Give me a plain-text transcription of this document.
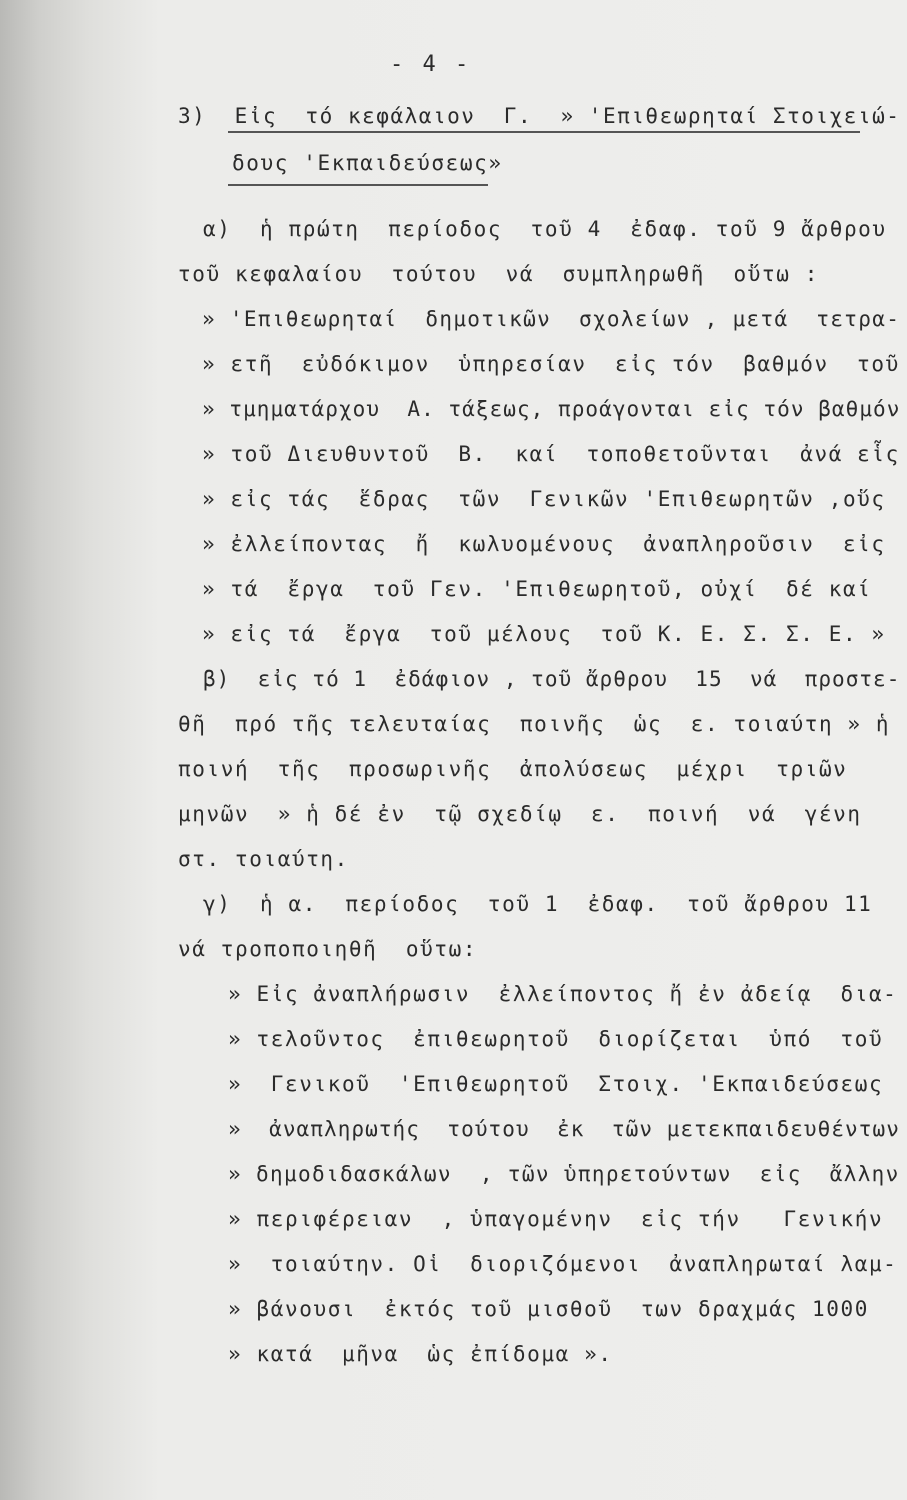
- 4 -
3)  Εἰς  τό κεφάλαιον  Γ.  » 'Επιθεωρηταί Στοιχειώ-
δους 'Εκπαιδεύσεως»
α)  ἡ πρώτη  περίοδος  τοῦ 4  ἐδαφ. τοῦ 9 ἄρθρου
τοῦ κεφαλαίου  τούτου  νά  συμπληρωθῆ  οὕτω :
» 'Επιθεωρηταί  δημοτικῶν  σχολείων , μετά  τετρα-
» ετῆ  εὐδόκιμον  ὑπηρεσίαν  εἰς τόν  βαθμόν  τοῦ
» τμηματάρχου  Α. τάξεως, προάγονται εἰς τόν βαθμόν
» τοῦ Διευθυντοῦ  Β.  καί  τοποθετοῦνται  ἀνά εἷς
» εἰς τάς  ἕδρας  τῶν  Γενικῶν 'Επιθεωρητῶν ,οὕς
» ἐλλείποντας  ἤ  κωλυομένους  ἀναπληροῦσιν  εἰς
» τά  ἔργα  τοῦ Γεν. 'Επιθεωρητοῦ, οὐχί  δέ καί
» εἰς τά  ἔργα  τοῦ μέλους  τοῦ Κ. Ε. Σ. Σ. Ε. »
β)  εἰς τό 1  ἐδάφιον , τοῦ ἄρθρου  15  νά  προστε-
θῆ  πρό τῆς τελευταίας  ποινῆς  ὡς  ε. τοιαύτη » ἡ
ποινή  τῆς  προσωρινῆς  ἀπολύσεως  μέχρι  τριῶν
μηνῶν  » ἡ δέ ἐν  τῷ σχεδίῳ  ε.  ποινή  νά  γένη
στ. τοιαύτη.
γ)  ἡ α.  περίοδος  τοῦ 1  ἐδαφ.  τοῦ ἄρθρου 11
νά τροποποιηθῆ  οὕτω:
» Εἰς ἀναπλήρωσιν  ἐλλείποντος ἤ ἐν ἀδείᾳ  δια-
» τελοῦντος  ἐπιθεωρητοῦ  διορίζεται  ὑπό  τοῦ
»  Γενικοῦ  'Επιθεωρητοῦ  Στοιχ. 'Εκπαιδεύσεως
»  ἀναπληρωτής  τούτου  ἐκ  τῶν μετεκπαιδευθέντων
» δημοδιδασκάλων  , τῶν ὑπηρετούντων  εἰς  ἄλλην
» περιφέρειαν  , ὑπαγομένην  εἰς τήν   Γενικήν
»  τοιαύτην. Οἱ  διοριζόμενοι  ἀναπληρωταί λαμ-
» βάνουσι  ἐκτός τοῦ μισθοῦ  των δραχμάς 1000
» κατά  μῆνα  ὡς ἐπίδομα ».
